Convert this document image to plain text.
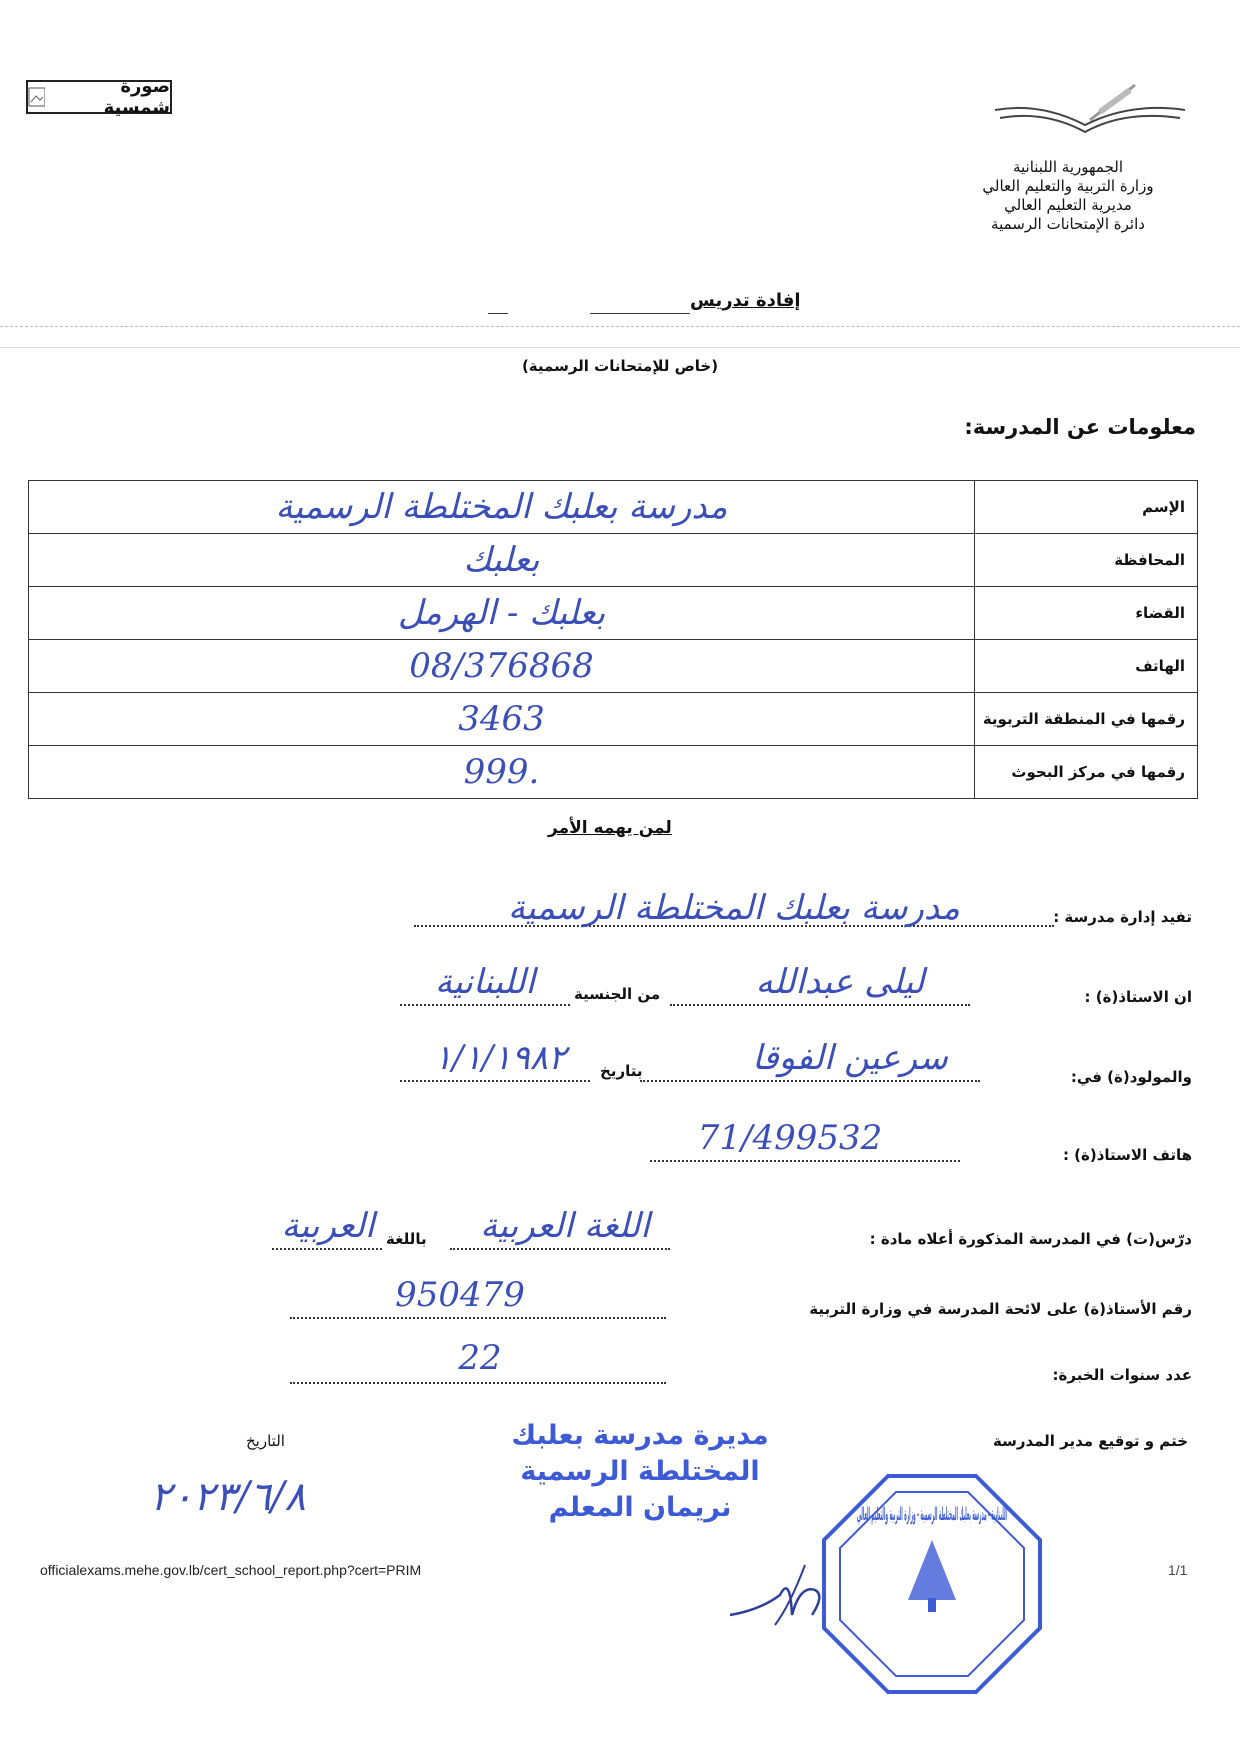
صورة شمسية
الجمهورية اللبنانية
وزارة التربية والتعليم العالي
مديرية التعليم العالي
دائرة الإمتحانات الرسمية
إفادة تدريس
(خاص للإمتحانات الرسمية)
معلومات عن المدرسة:
مدرسة بعلبك المختلطة الرسمية	الإسم
بعلبك	المحافظة
بعلبك - الهرمل	القضاء
08/376868	الهاتف
3463	رقمها في المنطقة التربوية
999.	رقمها في مركز البحوث
لمن يهمه الأمر
تفيد إدارة مدرسة :
مدرسة بعلبك المختلطة الرسمية
ان الاستاذ(ة) :
ليلى عبدالله
من الجنسية
اللبنانية
والمولود(ة) في:
سرعين الفوقا
بتاريخ
١/١/١٩٨٢
هاتف الاستاذ(ة) :
71/499532
درّس(ت) في المدرسة المذكورة أعلاه مادة :
اللغة العربية
باللغة
العربية
رقم الأستاذ(ة) على لائحة المدرسة في وزارة التربية
950479
عدد سنوات الخبرة:
22
ختم و توقيع مدير المدرسة
التاريخ
٢٠٢٣/٦/٨
مديرة مدرسة بعلبك
المختلطة الرسمية
نريمان المعلم	اللبنانية - مدرسة بعلبك المختلطة الرسمية - وزارة التربية والتعليم العالي
officialexams.mehe.gov.lb/cert_school_report.php?cert=PRIM	1/1
